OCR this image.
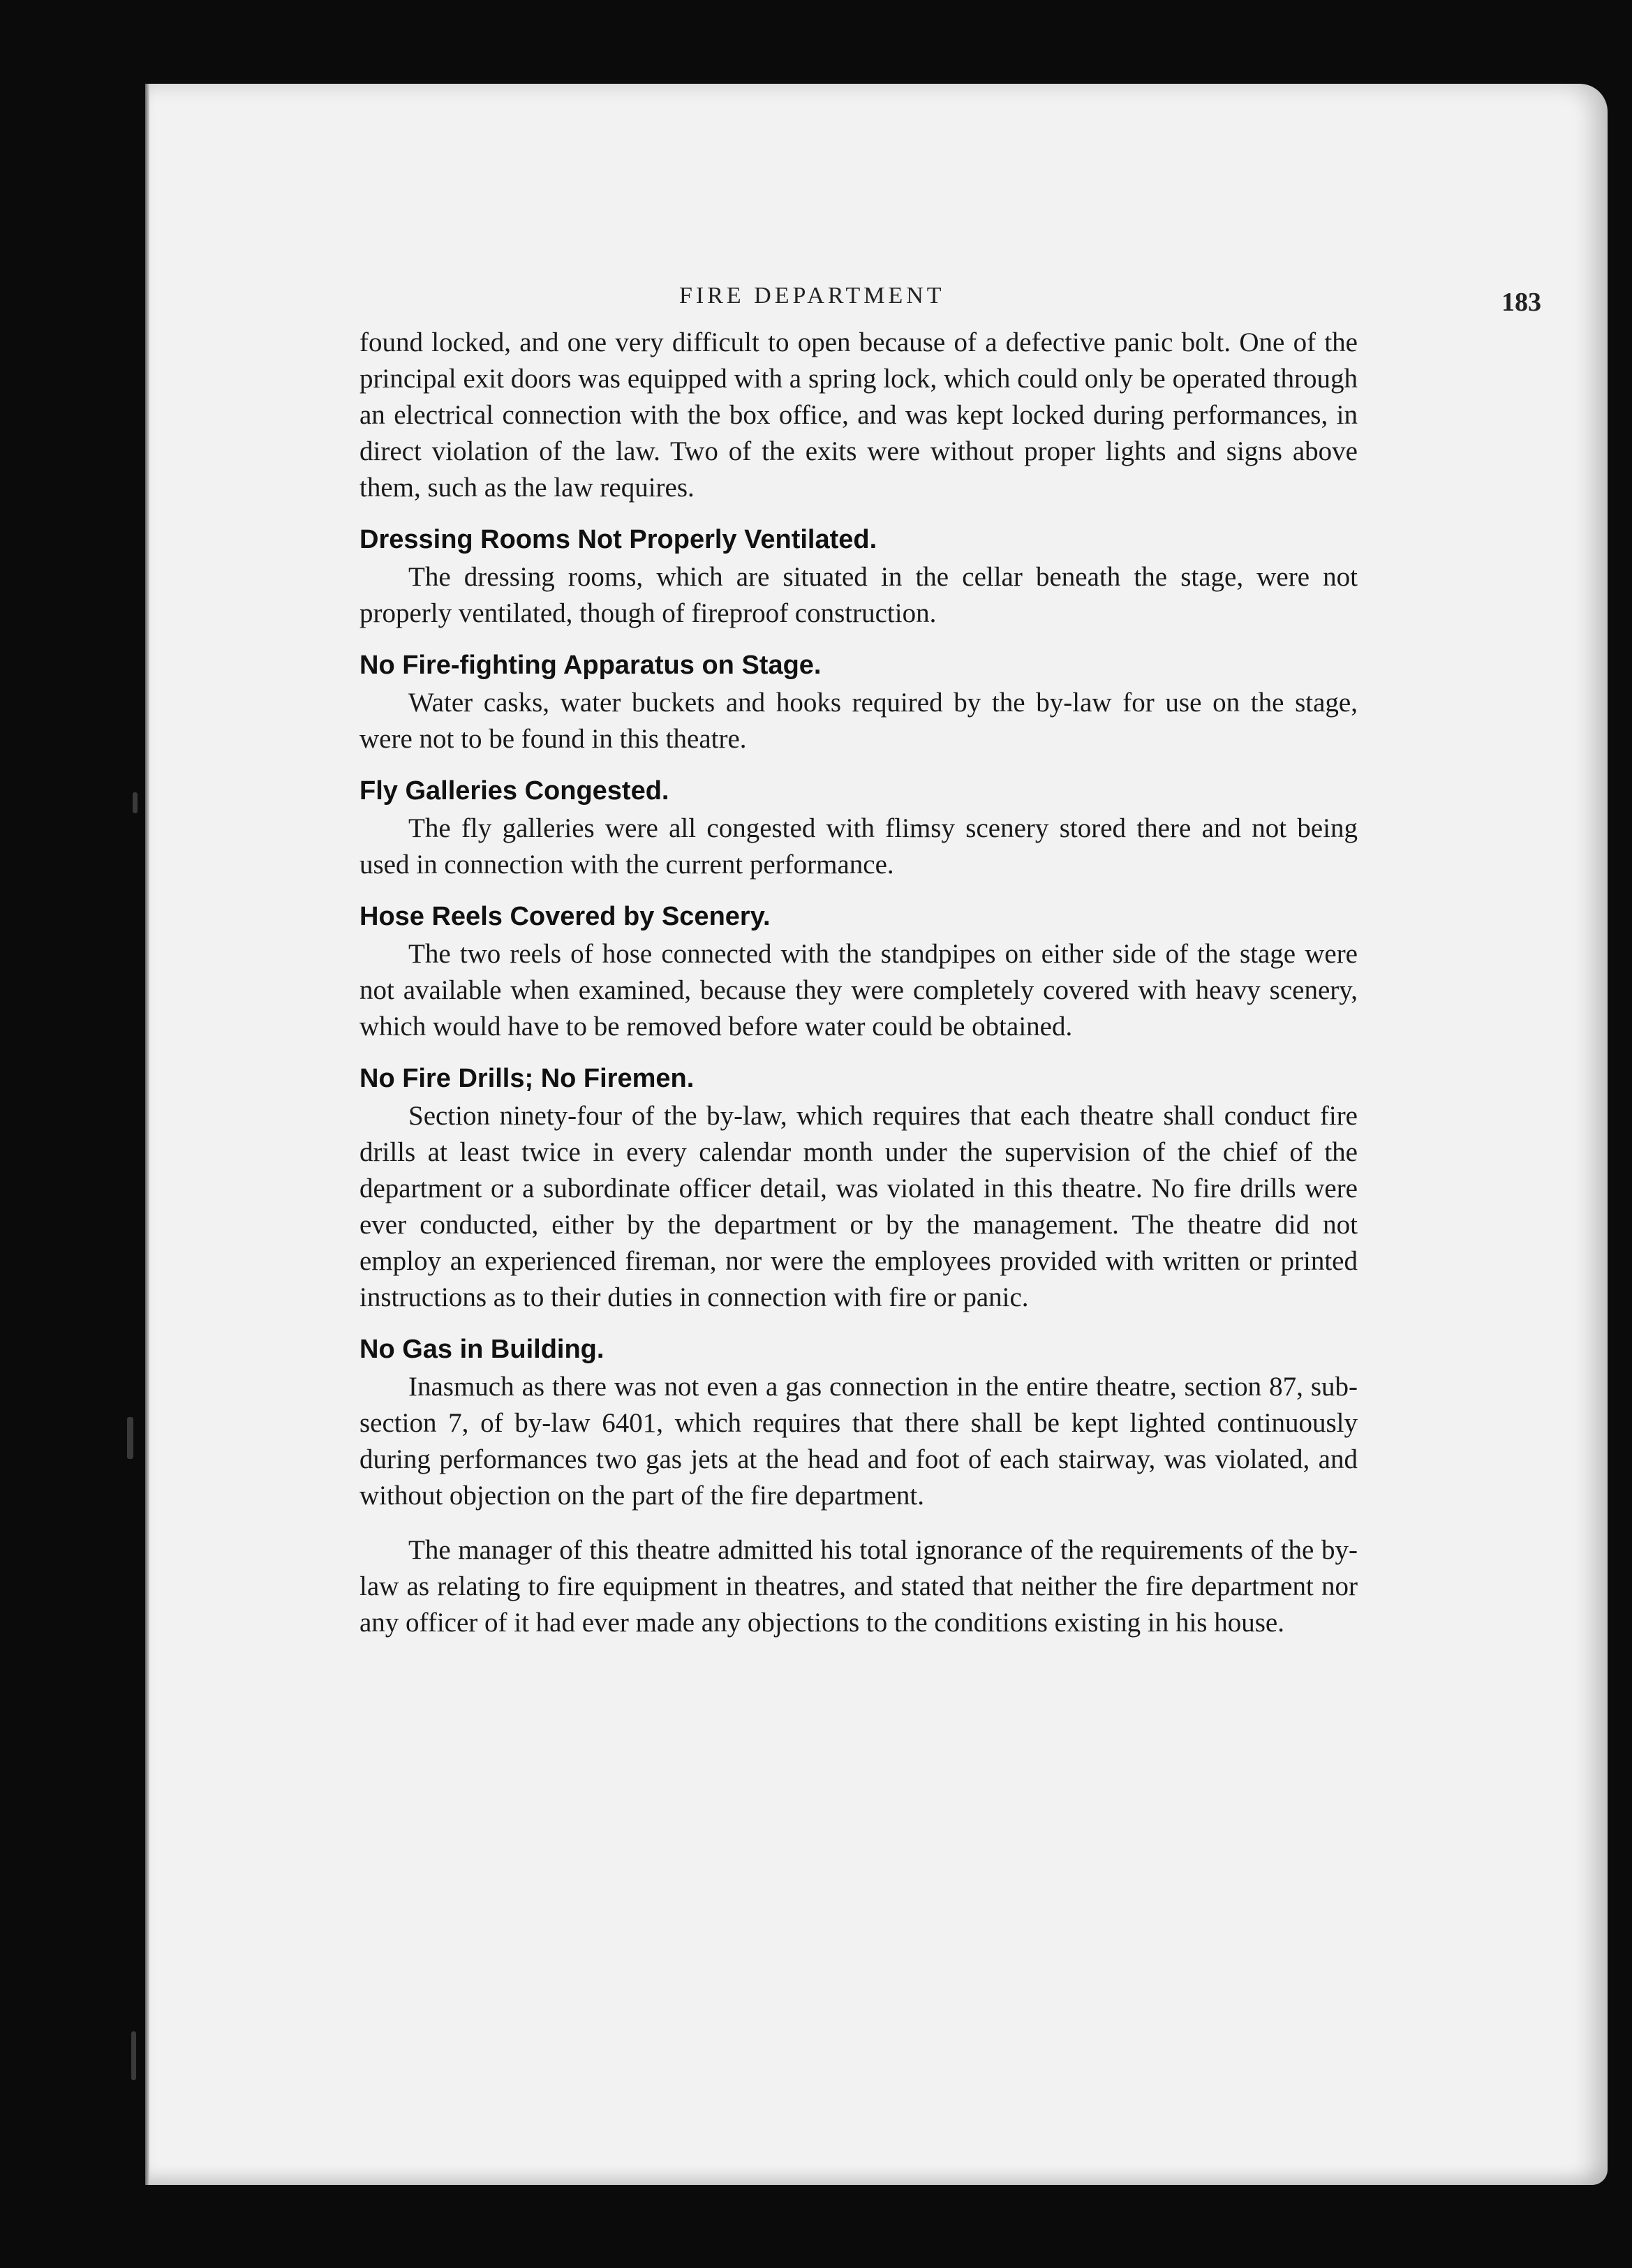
FIRE DEPARTMENT	183

found locked, and one very difficult to open because of a defective panic bolt. One of the principal exit doors was equipped with a spring lock, which could only be operated through an electrical connection with the box office, and was kept locked during performances, in direct violation of the law. Two of the exits were without proper lights and signs above them, such as the law requires.

Dressing Rooms Not Properly Ventilated.

The dressing rooms, which are situated in the cellar beneath the stage, were not properly ventilated, though of fireproof construction.

No Fire-fighting Apparatus on Stage.

Water casks, water buckets and hooks required by the by-law for use on the stage, were not to be found in this theatre.

Fly Galleries Congested.

The fly galleries were all congested with flimsy scenery stored there and not being used in connection with the current performance.

Hose Reels Covered by Scenery.

The two reels of hose connected with the standpipes on either side of the stage were not available when examined, because they were completely covered with heavy scenery, which would have to be removed before water could be obtained.

No Fire Drills; No Firemen.

Section ninety-four of the by-law, which requires that each theatre shall conduct fire drills at least twice in every calendar month under the supervision of the chief of the department or a subordinate officer detail, was violated in this theatre. No fire drills were ever conducted, either by the department or by the management. The theatre did not employ an experienced fireman, nor were the employees provided with written or printed instructions as to their duties in connection with fire or panic.

No Gas in Building.

Inasmuch as there was not even a gas connection in the entire theatre, section 87, sub-section 7, of by-law 6401, which requires that there shall be kept lighted continuously during performances two gas jets at the head and foot of each stairway, was violated, and without objection on the part of the fire department.

The manager of this theatre admitted his total ignorance of the requirements of the by-law as relating to fire equipment in theatres, and stated that neither the fire department nor any officer of it had ever made any objections to the conditions existing in his house.
